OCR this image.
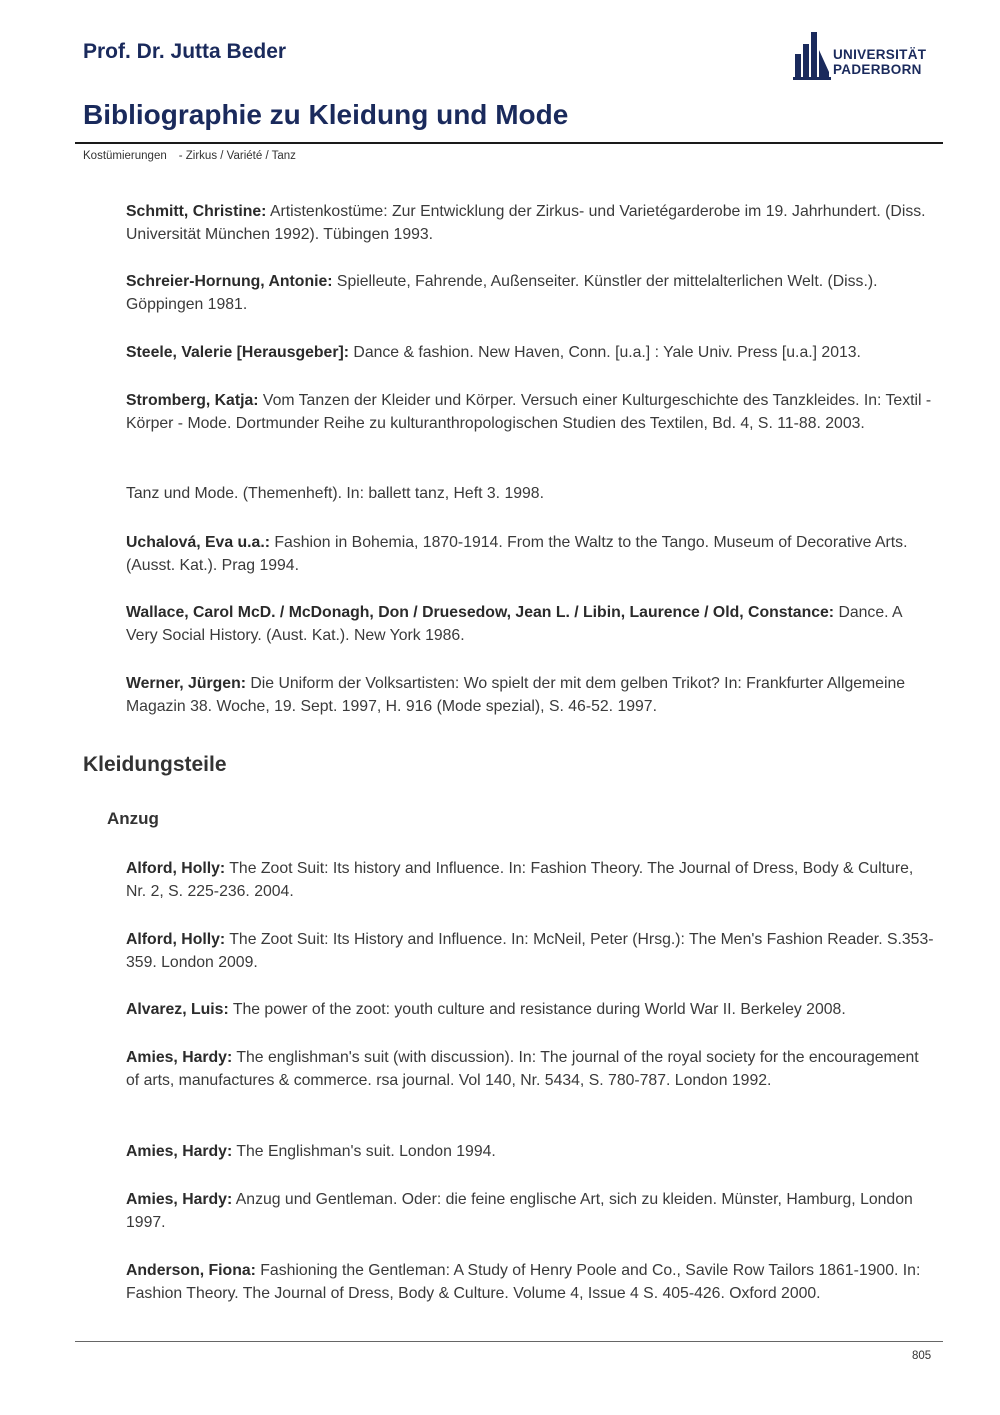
Prof. Dr. Jutta Beder	UNIVERSITÄT
PADERBORN
Bibliographie zu Kleidung und Mode
Kostümierungen - Zirkus / Variété / Tanz
Schmitt, Christine: Artistenkostüme: Zur Entwicklung der Zirkus- und Varietégarderobe im 19. Jahrhundert. (Diss. Universität München 1992). Tübingen 1993.
Schreier-Hornung, Antonie: Spielleute, Fahrende, Außenseiter. Künstler der mittelalterlichen Welt. (Diss.). Göppingen 1981.
Steele, Valerie [Herausgeber]: Dance & fashion. New Haven, Conn. [u.a.] : Yale Univ. Press [u.a.] 2013.
Stromberg, Katja: Vom Tanzen der Kleider und Körper. Versuch einer Kulturgeschichte des Tanzkleides. In: Textil - Körper - Mode. Dortmunder Reihe zu kulturanthropologischen Studien des Textilen, Bd. 4, S. 11-88. 2003.
Tanz und Mode. (Themenheft). In: ballett tanz, Heft 3. 1998.
Uchalová, Eva u.a.: Fashion in Bohemia, 1870-1914. From the Waltz to the Tango. Museum of Decorative Arts. (Ausst. Kat.). Prag 1994.
Wallace, Carol McD. / McDonagh, Don / Druesedow, Jean L. / Libin, Laurence / Old, Constance: Dance. A Very Social History. (Aust. Kat.). New York 1986.
Werner, Jürgen: Die Uniform der Volksartisten: Wo spielt der mit dem gelben Trikot? In: Frankfurter Allgemeine Magazin 38. Woche, 19. Sept. 1997, H. 916 (Mode spezial), S. 46-52. 1997.
Kleidungsteile
Anzug
Alford, Holly: The Zoot Suit: Its history and Influence. In: Fashion Theory. The Journal of Dress, Body & Culture, Nr. 2, S. 225-236. 2004.
Alford, Holly: The Zoot Suit: Its History and Influence. In: McNeil, Peter (Hrsg.): The Men's Fashion Reader. S.353-359. London 2009.
Alvarez, Luis: The power of the zoot: youth culture and resistance during World War II. Berkeley 2008.
Amies, Hardy: The englishman's suit (with discussion). In: The journal of the royal society for the encouragement of arts, manufactures & commerce. rsa journal. Vol 140, Nr. 5434, S. 780-787. London 1992.
Amies, Hardy: The Englishman's suit. London 1994.
Amies, Hardy: Anzug und Gentleman. Oder: die feine englische Art, sich zu kleiden. Münster, Hamburg, London 1997.
Anderson, Fiona: Fashioning the Gentleman: A Study of Henry Poole and Co., Savile Row Tailors 1861-1900. In: Fashion Theory. The Journal of Dress, Body & Culture. Volume 4, Issue 4 S. 405-426. Oxford 2000.
805
